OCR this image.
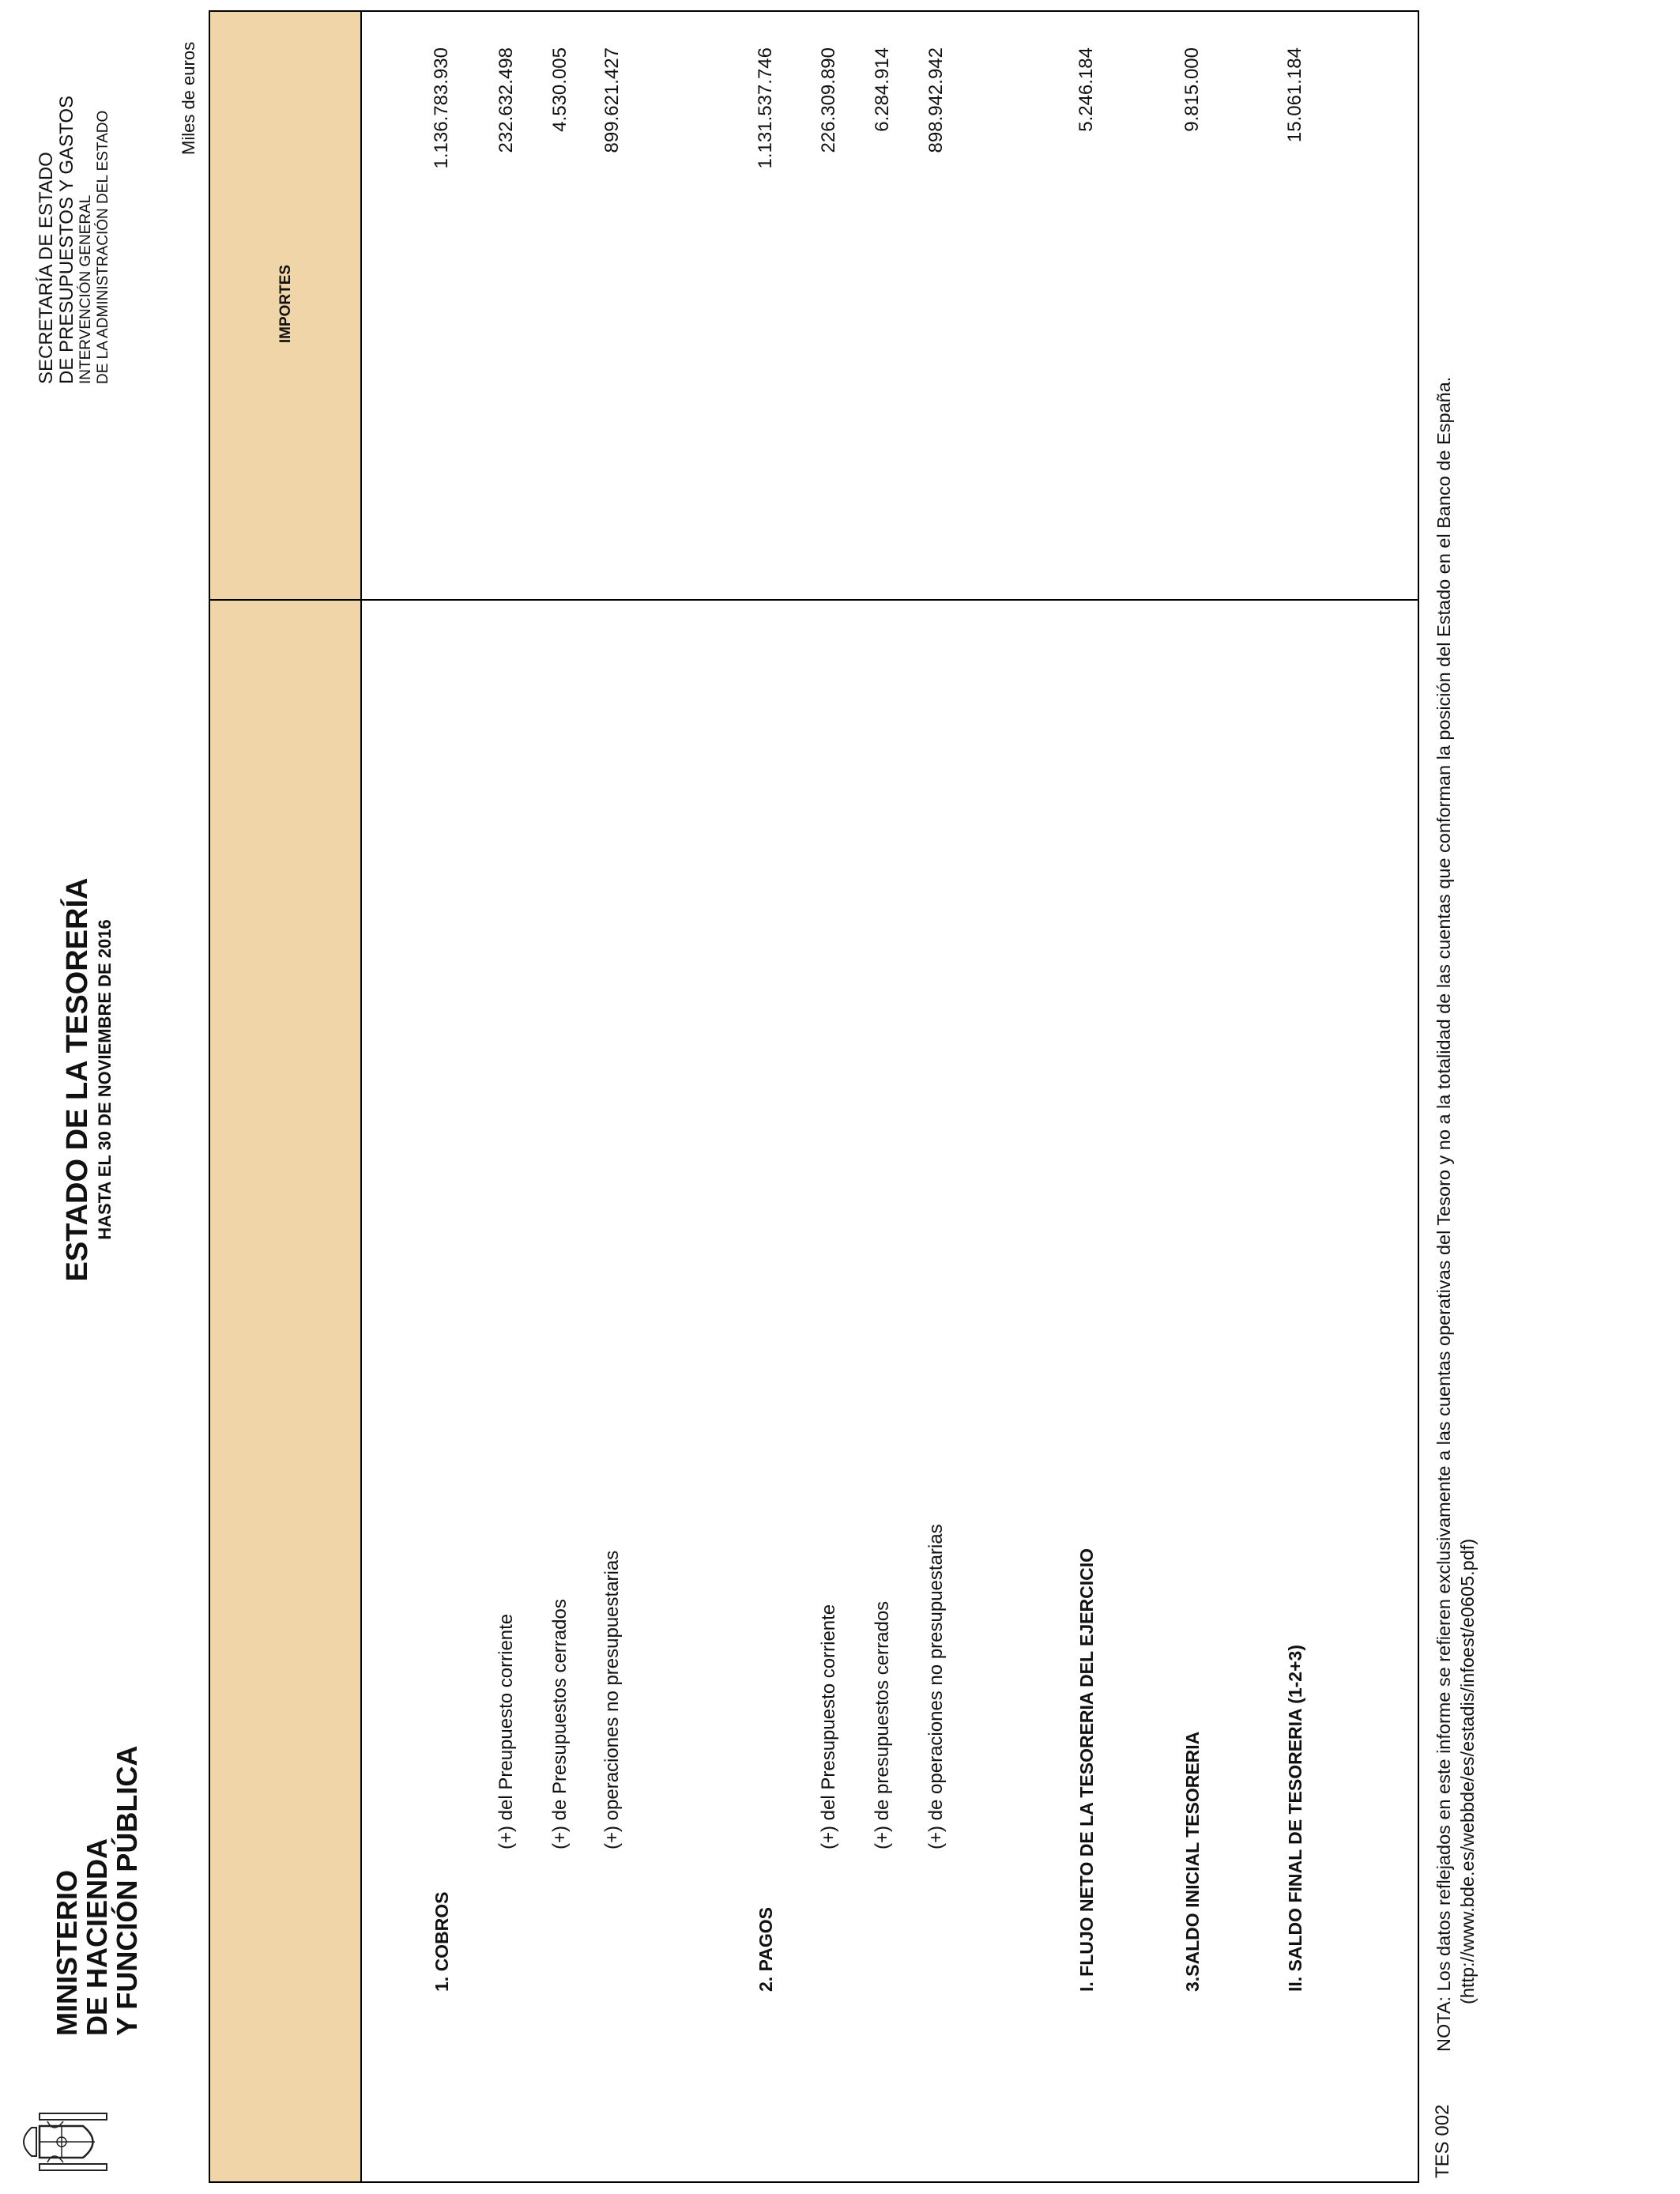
MINISTERIO
DE HACIENDA
Y FUNCIÓN PÚBLICA
ESTADO DE LA TESORERÍA HASTA EL 30 DE NOVIEMBRE DE 2016
SECRETARÍA DE ESTADO DE PRESUPUESTOS Y GASTOS INTERVENCIÓN GENERAL DE LA ADMINISTRACIÓN DEL ESTADO
Miles de euros
IMPORTES
1. COBROS
1.136.783.930
(+) del Preupuesto corriente
232.632.498
(+) de Presupuestos cerrados
4.530.005
(+) operaciones no presupuestarias
899.621.427
2. PAGOS
1.131.537.746
(+) del Presupuesto corriente
226.309.890
(+) de presupuestos cerrados
6.284.914
(+) de operaciones no presupuestarias
898.942.942
I. FLUJO NETO DE LA TESORERIA DEL EJERCICIO
5.246.184
3.SALDO INICIAL TESORERIA
9.815.000
II. SALDO FINAL DE TESORERIA (1-2+3)
15.061.184
TES 002
NOTA: Los datos reflejados en este informe se refieren exclusivamente a las cuentas operativas del Tesoro y no a la totalidad de las cuentas que conforman la posición del Estado en el Banco de España. (http://www.bde.es/webbde/es/estadis/infoest/e0605.pdf)
